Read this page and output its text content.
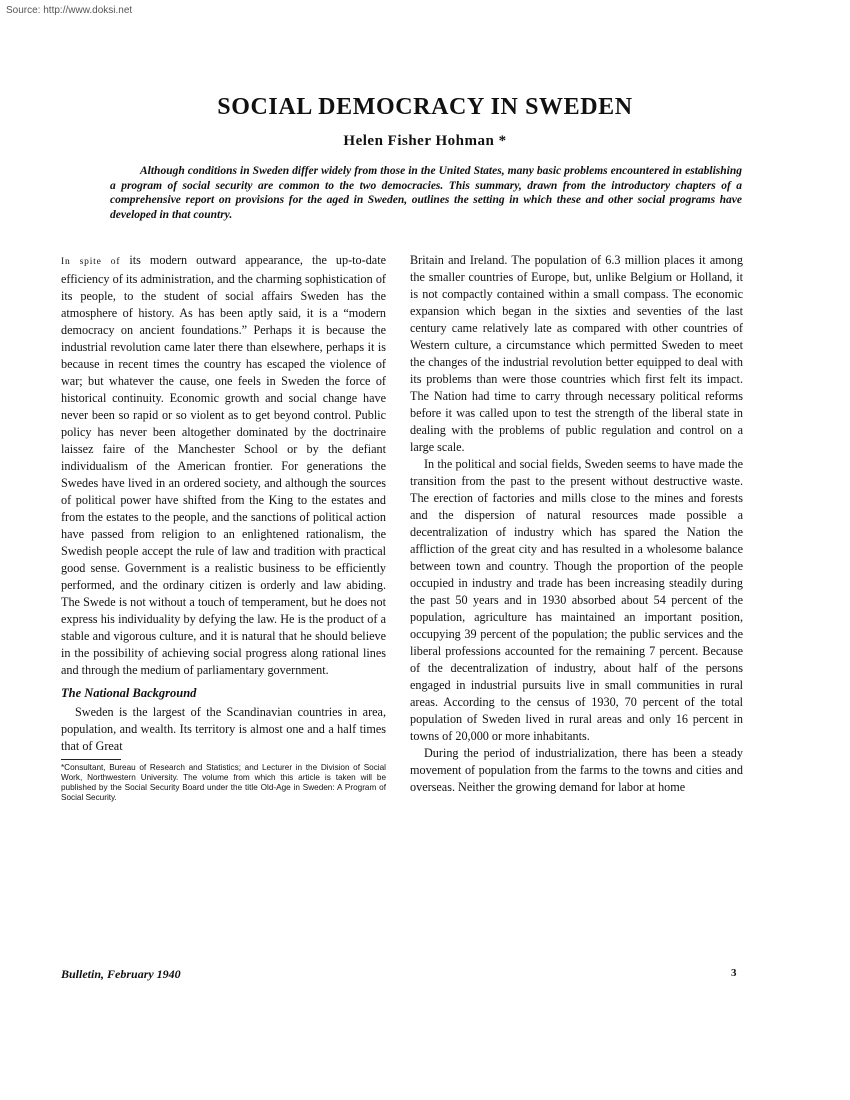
Source: http://www.doksi.net
SOCIAL DEMOCRACY IN SWEDEN
Helen Fisher Hohman *
Although conditions in Sweden differ widely from those in the United States, many basic problems encountered in establishing a program of social security are common to the two democracies. This summary, drawn from the introductory chapters of a comprehensive report on provisions for the aged in Sweden, outlines the setting in which these and other social programs have developed in that country.

In spite of its modern outward appearance, the up-to-date efficiency of its administration, and the charming sophistication of its people, to the student of social affairs Sweden has the atmosphere of history. As has been aptly said, it is a “modern democracy on ancient foundations.” Perhaps it is because the industrial revolution came later there than elsewhere, perhaps it is because in recent times the country has escaped the violence of war; but whatever the cause, one feels in Sweden the force of historical continuity. Economic growth and social change have never been so rapid or so violent as to get beyond control. Public policy has never been altogether dominated by the doctrinaire laissez faire of the Manchester School or by the defiant individualism of the American frontier. For generations the Swedes have lived in an ordered society, and although the sources of political power have shifted from the King to the estates and from the estates to the people, and the sanctions of political action have passed from religion to an enlightened rationalism, the Swedish people accept the rule of law and tradition with practical good sense. Government is a realistic business to be efficiently performed, and the ordinary citizen is orderly and law abiding. The Swede is not without a touch of temperament, but he does not express his individuality by defying the law. He is the product of a stable and vigorous culture, and it is natural that he should believe in the possibility of achieving social progress along rational lines and through the medium of parliamentary government.

The National Background

Sweden is the largest of the Scandinavian countries in area, population, and wealth. Its territory is almost one and a half times that of Great

*Consultant, Bureau of Research and Statistics; and Lecturer in the Division of Social Work, Northwestern University. The volume from which this article is taken will be published by the Social Security Board under the title Old-Age in Sweden: A Program of Social Security.

Britain and Ireland. The population of 6.3 million places it among the smaller countries of Europe, but, unlike Belgium or Holland, it is not compactly contained within a small compass. The economic expansion which began in the sixties and seventies of the last century came relatively late as compared with other countries of Western culture, a circumstance which permitted Sweden to meet the changes of the industrial revolution better equipped to deal with its problems than were those countries which first felt its impact. The Nation had time to carry through necessary political reforms before it was called upon to test the strength of the liberal state in dealing with the problems of public regulation and control on a large scale.

In the political and social fields, Sweden seems to have made the transition from the past to the present without destructive waste. The erection of factories and mills close to the mines and forests and the dispersion of natural resources made possible a decentralization of industry which has spared the Nation the affliction of the great city and has resulted in a wholesome balance between town and country. Though the proportion of the people occupied in industry and trade has been increasing steadily during the past 50 years and in 1930 absorbed about 54 percent of the population, agriculture has maintained an important position, occupying 39 percent of the population; the public services and the liberal professions accounted for the remaining 7 percent. Because of the decentralization of industry, about half of the persons engaged in industrial pursuits live in small communities in rural areas. According to the census of 1930, 70 percent of the total population of Sweden lived in rural areas and only 16 percent in towns of 20,000 or more inhabitants.

During the period of industrialization, there has been a steady movement of population from the farms to the towns and cities and overseas. Neither the growing demand for labor at home

Bulletin, February 1940	3
